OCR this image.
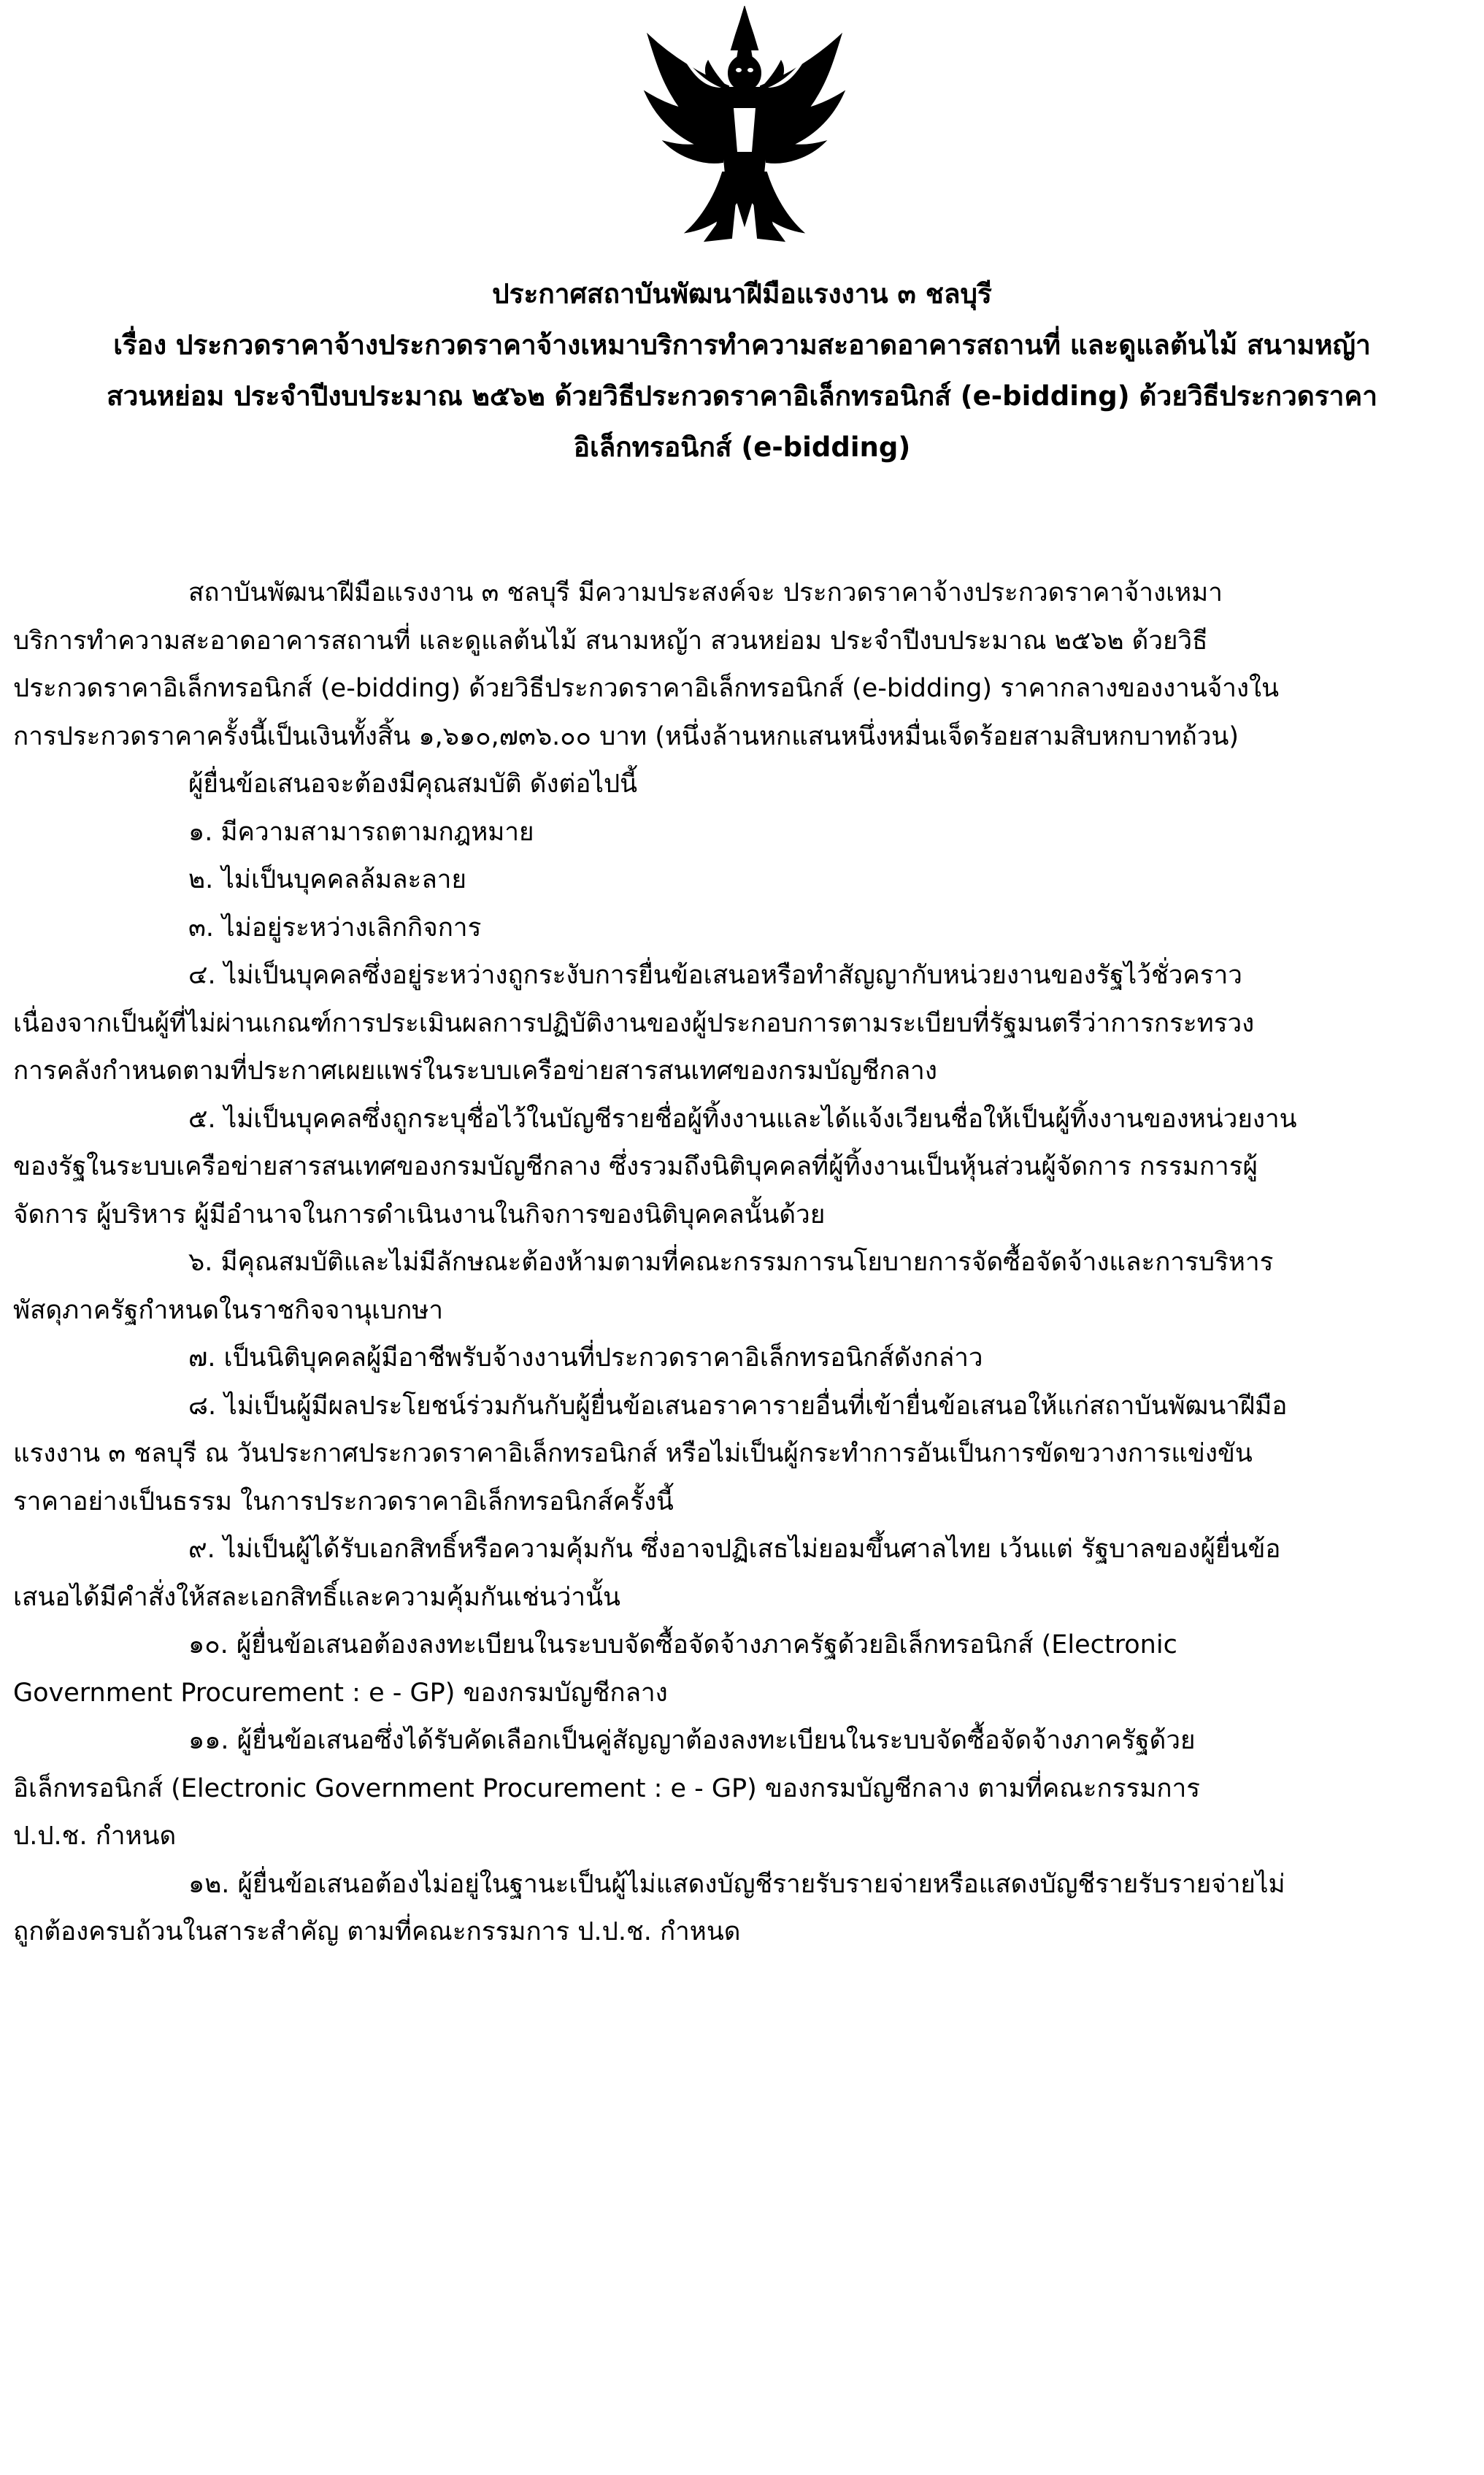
ประกาศสถาบันพัฒนาฝีมือแรงงาน ๓ ชลบุรี
เรื่อง ประกวดราคาจ้างประกวดราคาจ้างเหมาบริการทำความสะอาดอาคารสถานที่ และดูแลต้นไม้ สนามหญ้า
สวนหย่อม ประจำปีงบประมาณ ๒๕๖๒ ด้วยวิธีประกวดราคาอิเล็กทรอนิกส์ (e-bidding) ด้วยวิธีประกวดราคา
อิเล็กทรอนิกส์ (e-bidding)
สถาบันพัฒนาฝีมือแรงงาน ๓ ชลบุรี มีความประสงค์จะ ประกวดราคาจ้างประกวดราคาจ้างเหมา
บริการทำความสะอาดอาคารสถานที่ และดูแลต้นไม้ สนามหญ้า สวนหย่อม ประจำปีงบประมาณ ๒๕๖๒ ด้วยวิธี
ประกวดราคาอิเล็กทรอนิกส์ (e-bidding) ด้วยวิธีประกวดราคาอิเล็กทรอนิกส์ (e-bidding) ราคากลางของงานจ้างใน
การประกวดราคาครั้งนี้เป็นเงินทั้งสิ้น ๑,๖๑๐,๗๓๖.๐๐ บาท (หนึ่งล้านหกแสนหนึ่งหมื่นเจ็ดร้อยสามสิบหกบาทถ้วน)
ผู้ยื่นข้อเสนอจะต้องมีคุณสมบัติ ดังต่อไปนี้
๑. มีความสามารถตามกฎหมาย
๒. ไม่เป็นบุคคลล้มละลาย
๓. ไม่อยู่ระหว่างเลิกกิจการ
๔. ไม่เป็นบุคคลซึ่งอยู่ระหว่างถูกระงับการยื่นข้อเสนอหรือทำสัญญากับหน่วยงานของรัฐไว้ชั่วคราว
เนื่องจากเป็นผู้ที่ไม่ผ่านเกณฑ์การประเมินผลการปฏิบัติงานของผู้ประกอบการตามระเบียบที่รัฐมนตรีว่าการกระทรวง
การคลังกำหนดตามที่ประกาศเผยแพร่ในระบบเครือข่ายสารสนเทศของกรมบัญชีกลาง
๕. ไม่เป็นบุคคลซึ่งถูกระบุชื่อไว้ในบัญชีรายชื่อผู้ทิ้งงานและได้แจ้งเวียนชื่อให้เป็นผู้ทิ้งงานของหน่วยงาน
ของรัฐในระบบเครือข่ายสารสนเทศของกรมบัญชีกลาง ซึ่งรวมถึงนิติบุคคลที่ผู้ทิ้งงานเป็นหุ้นส่วนผู้จัดการ กรรมการผู้
จัดการ ผู้บริหาร ผู้มีอำนาจในการดำเนินงานในกิจการของนิติบุคคลนั้นด้วย
๖. มีคุณสมบัติและไม่มีลักษณะต้องห้ามตามที่คณะกรรมการนโยบายการจัดซื้อจัดจ้างและการบริหาร
พัสดุภาครัฐกำหนดในราชกิจจานุเบกษา
๗. เป็นนิติบุคคลผู้มีอาชีพรับจ้างงานที่ประกวดราคาอิเล็กทรอนิกส์ดังกล่าว
๘. ไม่เป็นผู้มีผลประโยชน์ร่วมกันกับผู้ยื่นข้อเสนอราคารายอื่นที่เข้ายื่นข้อเสนอให้แก่สถาบันพัฒนาฝีมือ
แรงงาน ๓ ชลบุรี ณ วันประกาศประกวดราคาอิเล็กทรอนิกส์ หรือไม่เป็นผู้กระทำการอันเป็นการขัดขวางการแข่งขัน
ราคาอย่างเป็นธรรม ในการประกวดราคาอิเล็กทรอนิกส์ครั้งนี้
๙. ไม่เป็นผู้ได้รับเอกสิทธิ์หรือความคุ้มกัน ซึ่งอาจปฏิเสธไม่ยอมขึ้นศาลไทย เว้นแต่ รัฐบาลของผู้ยื่นข้อ
เสนอได้มีคำสั่งให้สละเอกสิทธิ์และความคุ้มกันเช่นว่านั้น
๑๐. ผู้ยื่นข้อเสนอต้องลงทะเบียนในระบบจัดซื้อจัดจ้างภาครัฐด้วยอิเล็กทรอนิกส์ (Electronic
Government Procurement : e - GP) ของกรมบัญชีกลาง
๑๑. ผู้ยื่นข้อเสนอซึ่งได้รับคัดเลือกเป็นคู่สัญญาต้องลงทะเบียนในระบบจัดซื้อจัดจ้างภาครัฐด้วย
อิเล็กทรอนิกส์ (Electronic Government Procurement : e - GP) ของกรมบัญชีกลาง ตามที่คณะกรรมการ
ป.ป.ช. กำหนด
๑๒. ผู้ยื่นข้อเสนอต้องไม่อยู่ในฐานะเป็นผู้ไม่แสดงบัญชีรายรับรายจ่ายหรือแสดงบัญชีรายรับรายจ่ายไม่
ถูกต้องครบถ้วนในสาระสำคัญ ตามที่คณะกรรมการ ป.ป.ช. กำหนด
